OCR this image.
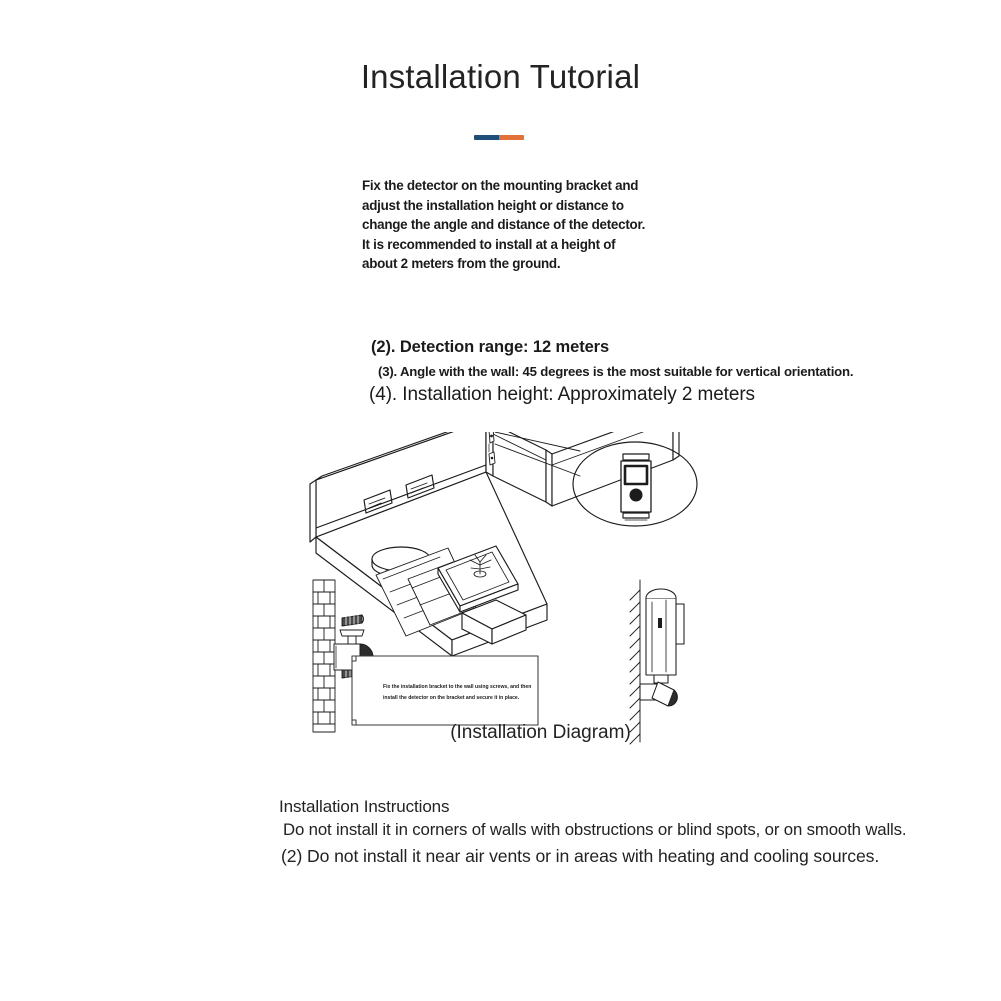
Installation Tutorial
Fix the detector on the mounting bracket and
adjust the installation height or distance to
change the angle and distance of the detector.
It is recommended to install at a height of
about 2 meters from the ground.
(2). Detection range: 12 meters
(3). Angle with the wall: 45 degrees is the most suitable for vertical orientation.
(4). Installation height: Approximately 2 meters
Fix the installation bracket to the wall using screws, and then
install the detector on the bracket and secure it in place.
(Installation Diagram)
Installation Instructions
Do not install it in corners of walls with obstructions or blind spots, or on smooth walls.
(2) Do not install it near air vents or in areas with heating and cooling sources.
